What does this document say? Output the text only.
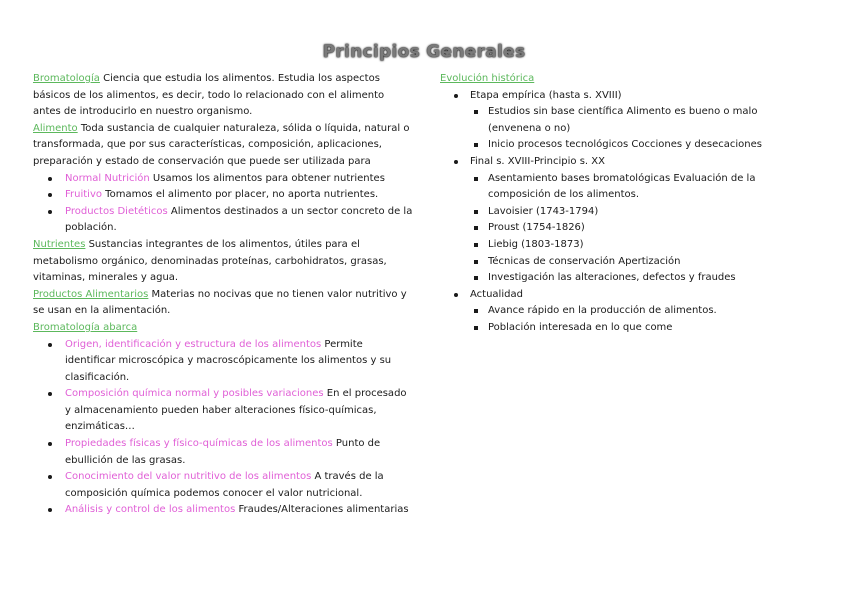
Principios Generales

Bromatología Ciencia que estudia los alimentos. Estudia los aspectos básicos de los alimentos, es decir, todo lo relacionado con el alimento antes de introducirlo en nuestro organismo.

Alimento Toda sustancia de cualquier naturaleza, sólida o líquida, natural o transformada, que por sus características, composición, aplicaciones, preparación y estado de conservación que puede ser utilizada para

Normal Nutrición Usamos los alimentos para obtener nutrientes
Fruitivo Tomamos el alimento por placer, no aporta nutrientes.
Productos Dietéticos Alimentos destinados a un sector concreto de la población.

Nutrientes Sustancias integrantes de los alimentos, útiles para el metabolismo orgánico, denominadas proteínas, carbohidratos, grasas, vitaminas, minerales y agua.

Productos Alimentarios Materias no nocivas que no tienen valor nutritivo y se usan en la alimentación.

Bromatología abarca

Origen, identificación y estructura de los alimentos Permite identificar microscópica y macroscópicamente los alimentos y su clasificación.
Composición química normal y posibles variaciones En el procesado y almacenamiento pueden haber alteraciones físico-químicas, enzimáticas…
Propiedades físicas y físico-químicas de los alimentos Punto de ebullición de las grasas.
Conocimiento del valor nutritivo de los alimentos A través de la composición química podemos conocer el valor nutricional.
Análisis y control de los alimentos Fraudes/Alteraciones alimentarias

Evolución histórica

Etapa empírica (hasta s. XVIII)
Estudios sin base científica Alimento es bueno o malo (envenena o no)
Inicio procesos tecnológicos Cocciones y desecaciones
Final s. XVIII-Principio s. XX
Asentamiento bases bromatológicas Evaluación de la composición de los alimentos.
Lavoisier (1743-1794)
Proust (1754-1826)
Liebig (1803-1873)
Técnicas de conservación Apertización
Investigación las alteraciones, defectos y fraudes
Actualidad
Avance rápido en la producción de alimentos.
Población interesada en lo que come
